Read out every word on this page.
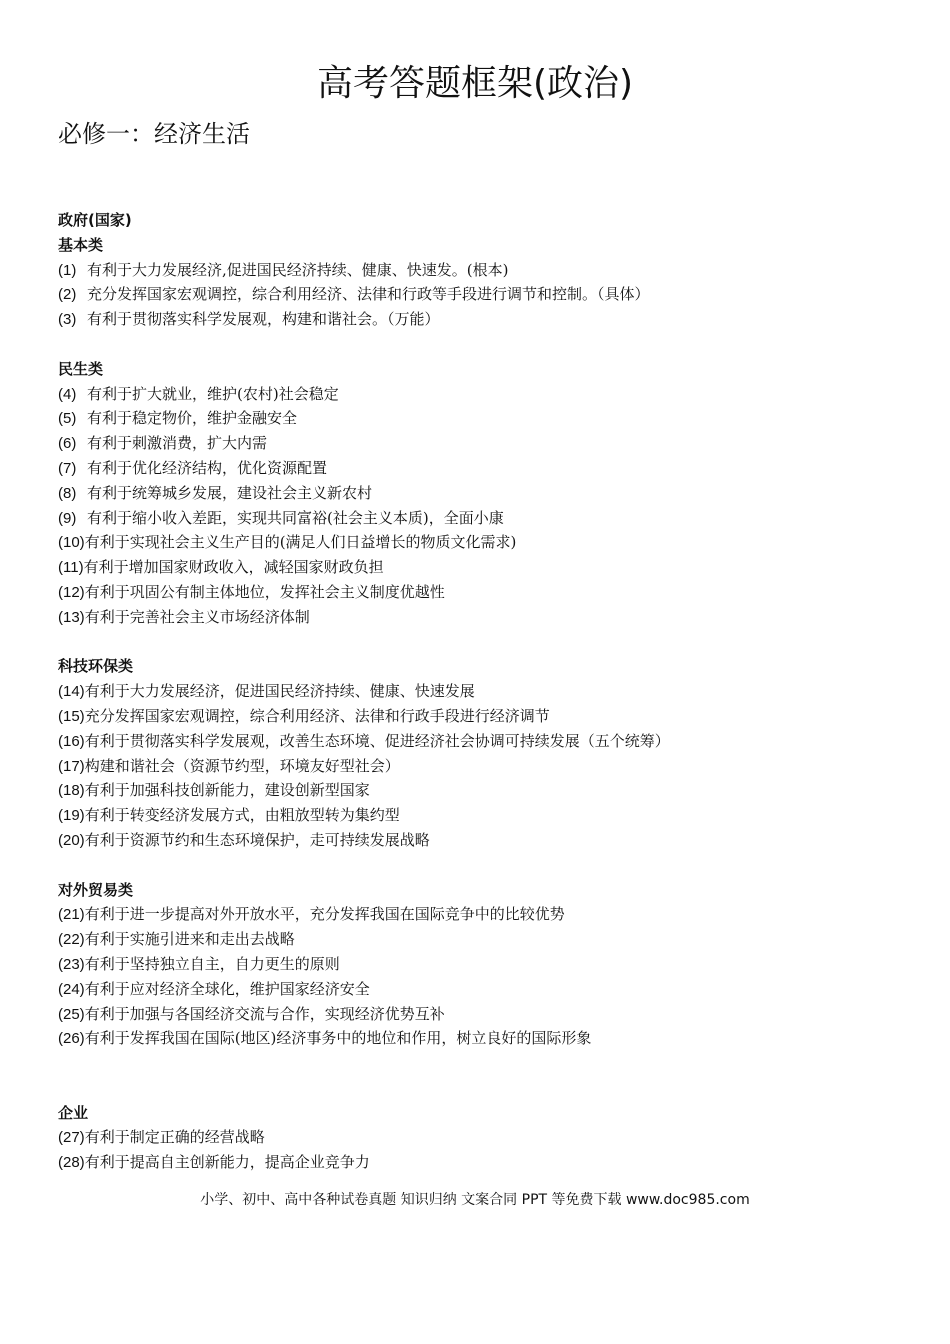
高考答题框架(政治)
必修一：经济生活
政府(国家)
基本类
(1) 有利于大力发展经济,促进国民经济持续、健康、快速发。(根本)
(2) 充分发挥国家宏观调控，综合利用经济、法律和行政等手段进行调节和控制。（具体）
(3) 有利于贯彻落实科学发展观，构建和谐社会。（万能）
民生类
(4) 有利于扩大就业，维护(农村)社会稳定
(5) 有利于稳定物价，维护金融安全
(6) 有利于刺激消费，扩大内需
(7) 有利于优化经济结构，优化资源配置
(8) 有利于统筹城乡发展，建设社会主义新农村
(9) 有利于缩小收入差距，实现共同富裕(社会主义本质)，全面小康
(10)有利于实现社会主义生产目的(满足人们日益增长的物质文化需求)
(11)有利于增加国家财政收入，减轻国家财政负担
(12)有利于巩固公有制主体地位，发挥社会主义制度优越性
(13)有利于完善社会主义市场经济体制
科技环保类
(14)有利于大力发展经济，促进国民经济持续、健康、快速发展
(15)充分发挥国家宏观调控，综合利用经济、法律和行政手段进行经济调节
(16)有利于贯彻落实科学发展观，改善生态环境、促进经济社会协调可持续发展（五个统筹）
(17)构建和谐社会（资源节约型，环境友好型社会）
(18)有利于加强科技创新能力，建设创新型国家
(19)有利于转变经济发展方式，由粗放型转为集约型
(20)有利于资源节约和生态环境保护，走可持续发展战略
对外贸易类
(21)有利于进一步提高对外开放水平，充分发挥我国在国际竞争中的比较优势
(22)有利于实施引进来和走出去战略
(23)有利于坚持独立自主，自力更生的原则
(24)有利于应对经济全球化，维护国家经济安全
(25)有利于加强与各国经济交流与合作，实现经济优势互补
(26)有利于发挥我国在国际(地区)经济事务中的地位和作用，树立良好的国际形象
企业
(27)有利于制定正确的经营战略
(28)有利于提高自主创新能力，提高企业竞争力
小学、初中、高中各种试卷真题 知识归纳 文案合同 PPT 等免费下载 www.doc985.com
